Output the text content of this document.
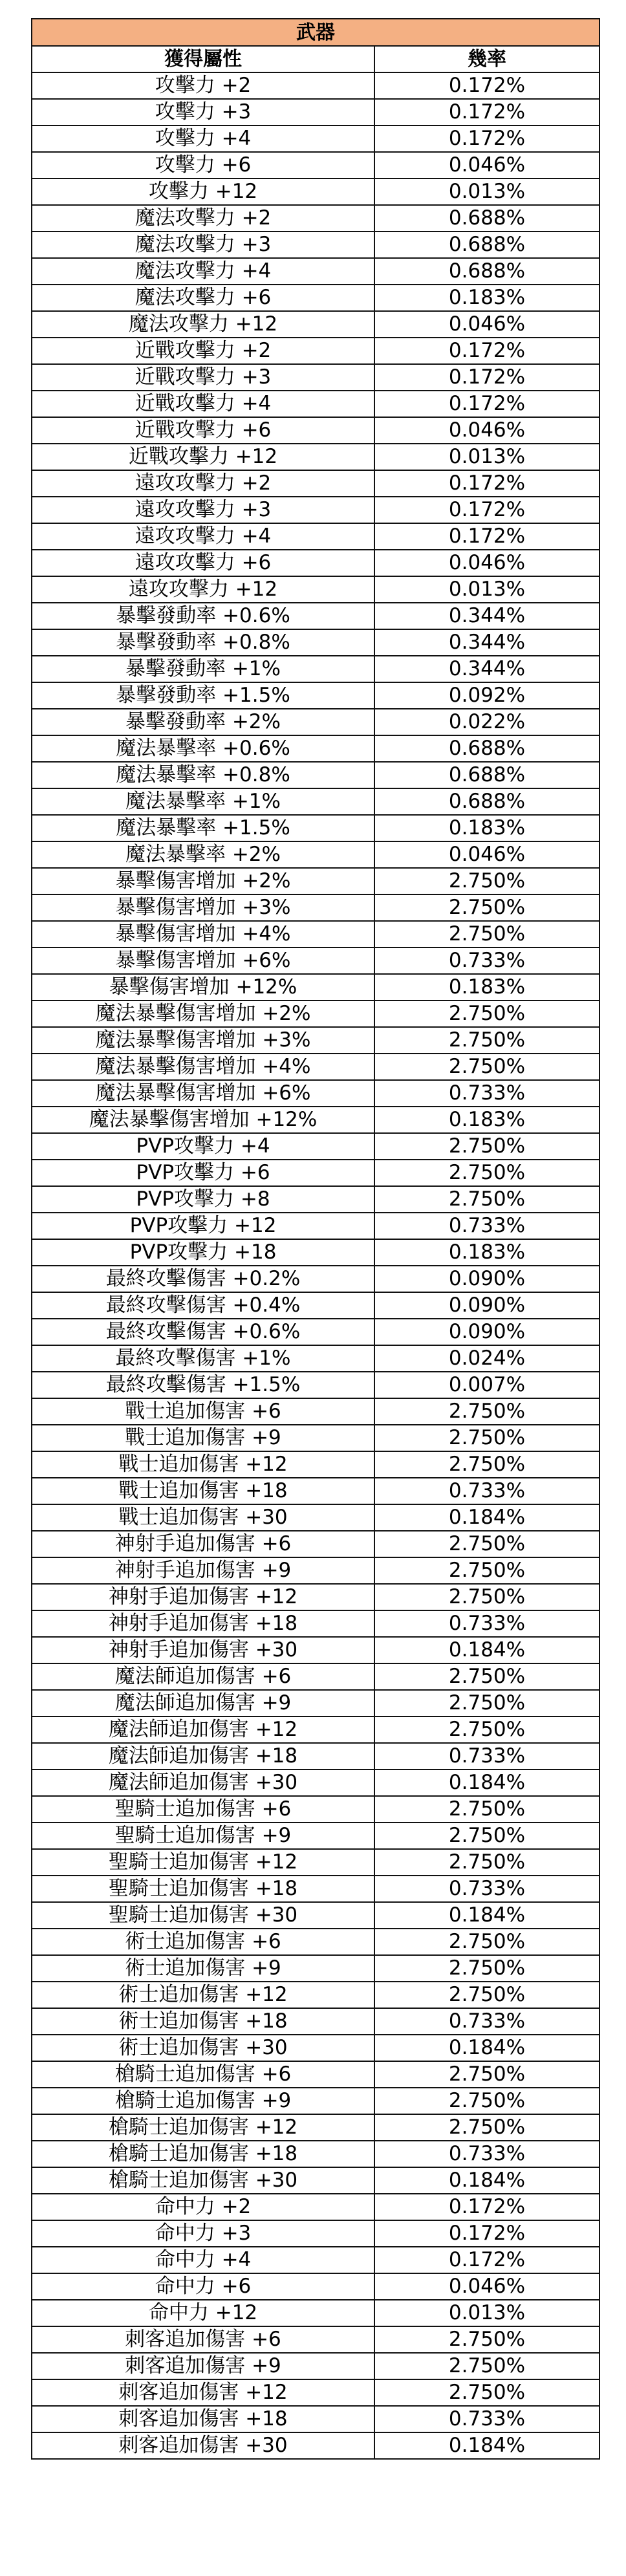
武器	
獲得屬性	幾率
攻擊力 +2	0.172%
攻擊力 +3	0.172%
攻擊力 +4	0.172%
攻擊力 +6	0.046%
攻擊力 +12	0.013%
魔法攻擊力 +2	0.688%
魔法攻擊力 +3	0.688%
魔法攻擊力 +4	0.688%
魔法攻擊力 +6	0.183%
魔法攻擊力 +12	0.046%
近戰攻擊力 +2	0.172%
近戰攻擊力 +3	0.172%
近戰攻擊力 +4	0.172%
近戰攻擊力 +6	0.046%
近戰攻擊力 +12	0.013%
遠攻攻擊力 +2	0.172%
遠攻攻擊力 +3	0.172%
遠攻攻擊力 +4	0.172%
遠攻攻擊力 +6	0.046%
遠攻攻擊力 +12	0.013%
暴擊發動率 +0.6%	0.344%
暴擊發動率 +0.8%	0.344%
暴擊發動率 +1%	0.344%
暴擊發動率 +1.5%	0.092%
暴擊發動率 +2%	0.022%
魔法暴擊率 +0.6%	0.688%
魔法暴擊率 +0.8%	0.688%
魔法暴擊率 +1%	0.688%
魔法暴擊率 +1.5%	0.183%
魔法暴擊率 +2%	0.046%
暴擊傷害增加 +2%	2.750%
暴擊傷害增加 +3%	2.750%
暴擊傷害增加 +4%	2.750%
暴擊傷害增加 +6%	0.733%
暴擊傷害增加 +12%	0.183%
魔法暴擊傷害增加 +2%	2.750%
魔法暴擊傷害增加 +3%	2.750%
魔法暴擊傷害增加 +4%	2.750%
魔法暴擊傷害增加 +6%	0.733%
魔法暴擊傷害增加 +12%	0.183%
PVP攻擊力 +4	2.750%
PVP攻擊力 +6	2.750%
PVP攻擊力 +8	2.750%
PVP攻擊力 +12	0.733%
PVP攻擊力 +18	0.183%
最終攻擊傷害 +0.2%	0.090%
最終攻擊傷害 +0.4%	0.090%
最終攻擊傷害 +0.6%	0.090%
最終攻擊傷害 +1%	0.024%
最終攻擊傷害 +1.5%	0.007%
戰士追加傷害 +6	2.750%
戰士追加傷害 +9	2.750%
戰士追加傷害 +12	2.750%
戰士追加傷害 +18	0.733%
戰士追加傷害 +30	0.184%
神射手追加傷害 +6	2.750%
神射手追加傷害 +9	2.750%
神射手追加傷害 +12	2.750%
神射手追加傷害 +18	0.733%
神射手追加傷害 +30	0.184%
魔法師追加傷害 +6	2.750%
魔法師追加傷害 +9	2.750%
魔法師追加傷害 +12	2.750%
魔法師追加傷害 +18	0.733%
魔法師追加傷害 +30	0.184%
聖騎士追加傷害 +6	2.750%
聖騎士追加傷害 +9	2.750%
聖騎士追加傷害 +12	2.750%
聖騎士追加傷害 +18	0.733%
聖騎士追加傷害 +30	0.184%
術士追加傷害 +6	2.750%
術士追加傷害 +9	2.750%
術士追加傷害 +12	2.750%
術士追加傷害 +18	0.733%
術士追加傷害 +30	0.184%
槍騎士追加傷害 +6	2.750%
槍騎士追加傷害 +9	2.750%
槍騎士追加傷害 +12	2.750%
槍騎士追加傷害 +18	0.733%
槍騎士追加傷害 +30	0.184%
命中力 +2	0.172%
命中力 +3	0.172%
命中力 +4	0.172%
命中力 +6	0.046%
命中力 +12	0.013%
刺客追加傷害 +6	2.750%
刺客追加傷害 +9	2.750%
刺客追加傷害 +12	2.750%
刺客追加傷害 +18	0.733%
刺客追加傷害 +30	0.184%
